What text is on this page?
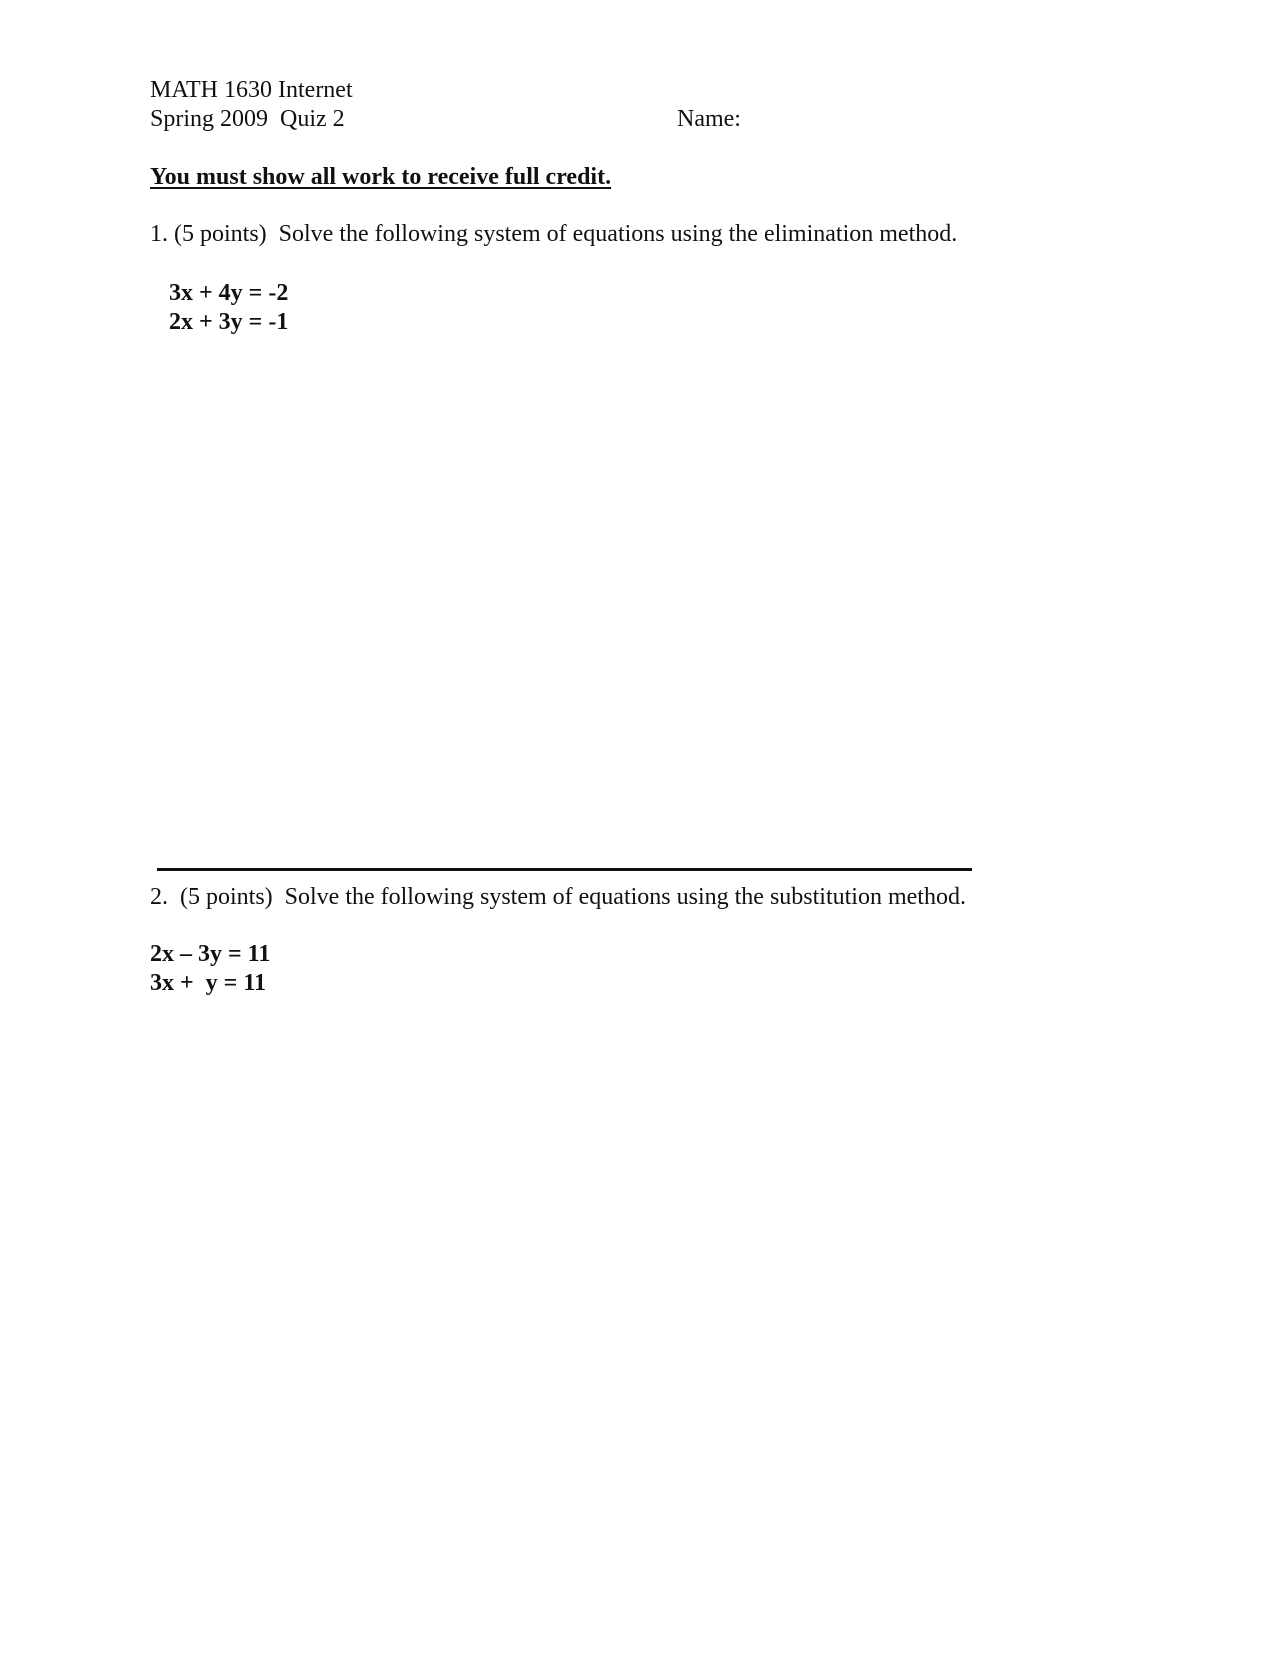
MATH 1630 Internet
Spring 2009  Quiz 2	Name:
You must show all work to receive full credit.
1. (5 points)  Solve the following system of equations using the elimination method.
3x + 4y = -2
2x + 3y = -1
2.  (5 points)  Solve the following system of equations using the substitution method.
2x – 3y = 11
3x +  y = 11
